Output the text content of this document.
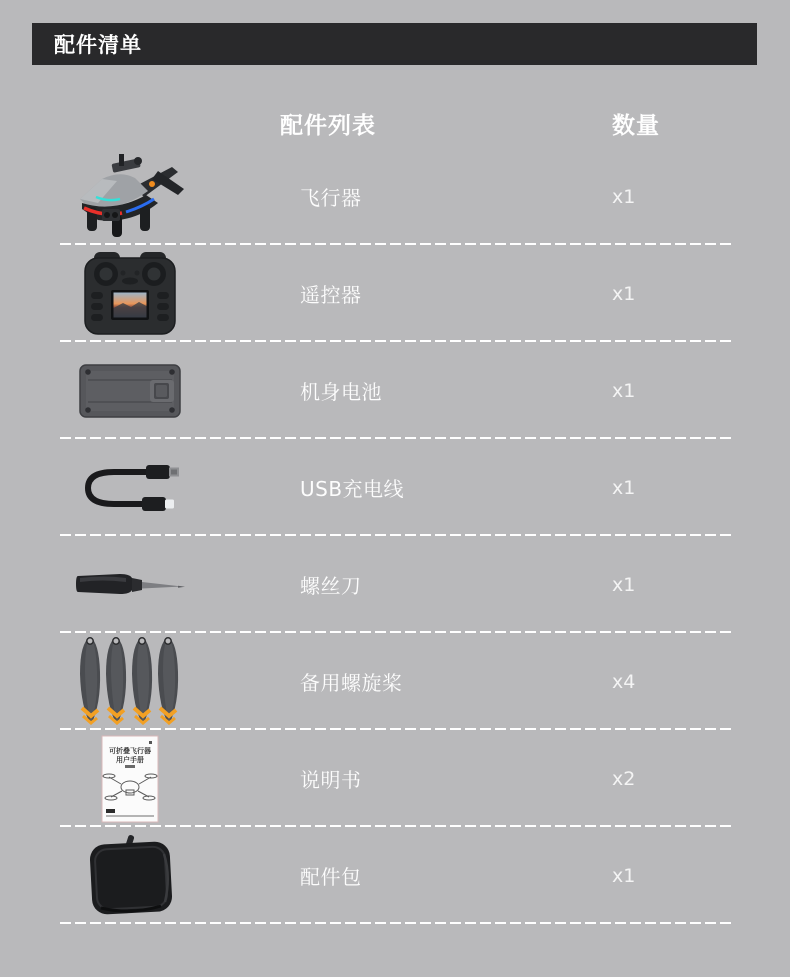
配件清单
配件列表	数量
飞行器	x1
遥控器	x1
机身电池	x1
USB充电线	x1
螺丝刀	x1
备用螺旋桨	x4
可折叠飞行器
用户手册
说明书	x2
配件包	x1
